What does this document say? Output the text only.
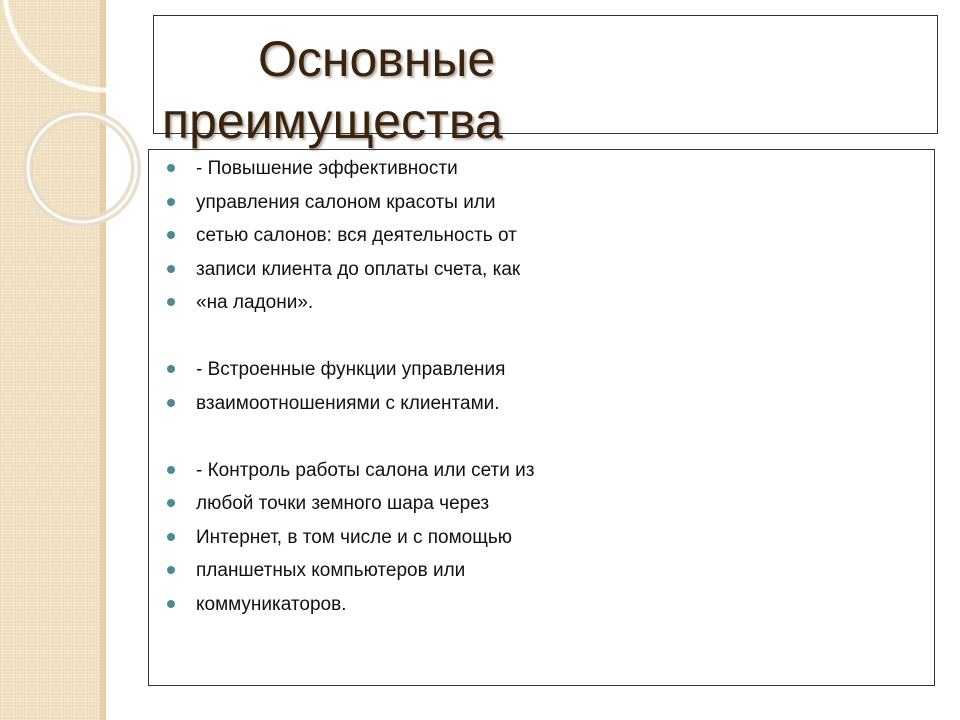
Основные
преимущества
- Повышение эффективности
управления салоном красоты или
сетью салонов: вся деятельность от
записи клиента до оплаты счета, как
«на ладони».
- Встроенные функции управления
взаимоотношениями с клиентами.
- Контроль работы салона или сети из
любой точки земного шара через
Интернет, в том числе и с помощью
планшетных компьютеров или
коммуникаторов.
